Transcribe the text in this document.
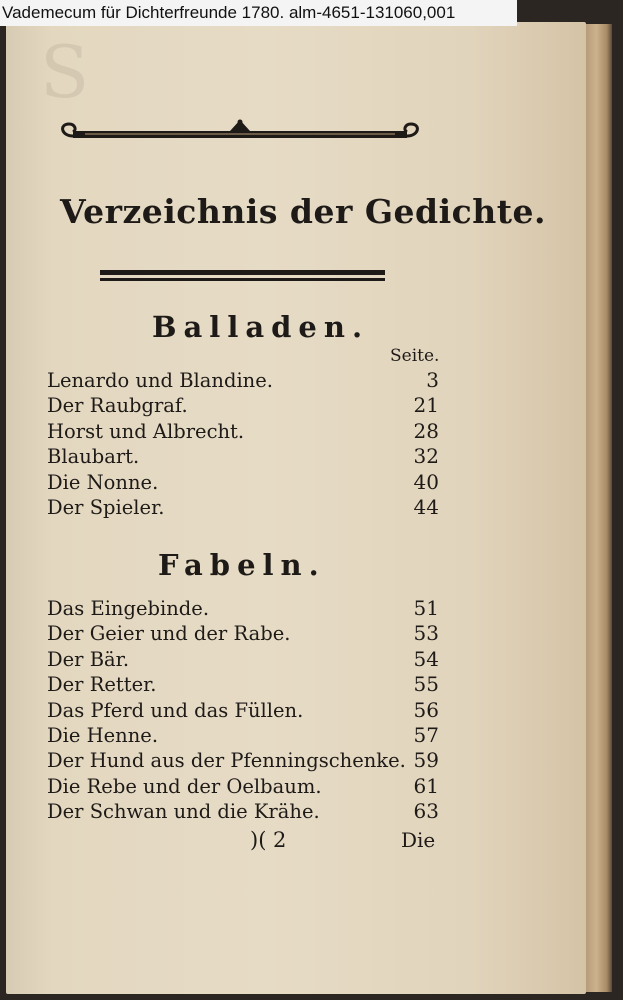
Vademecum für Dichterfreunde 1780. alm-4651-131060,001
S
Verzeichnis der Gedichte.
Balladen.
Seite.
Lenardo und Blandine.	3
Der Raubgraf.	21
Horst und Albrecht.	28
Blaubart.	32
Die Nonne.	40
Der Spieler.	44
Fabeln.
Das Eingebinde.	51
Der Geier und der Rabe.	53
Der Bär.	54
Der Retter.	55
Das Pferd und das Füllen.	56
Die Henne.	57
Der Hund aus der Pfenningschenke. 59
Die Rebe und der Oelbaum.	61
Der Schwan und die Krähe.	63
)( 2	Die
